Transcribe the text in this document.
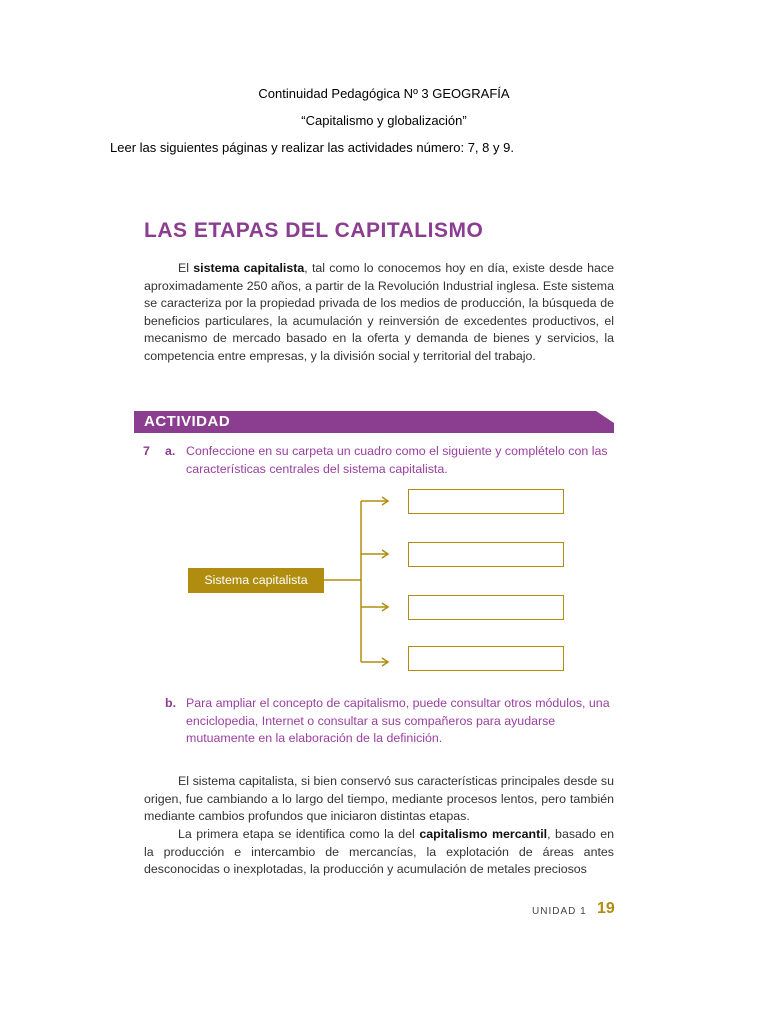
Continuidad Pedagógica Nº 3 GEOGRAFÍA
“Capitalismo y globalización”
Leer las siguientes páginas y realizar las actividades número: 7, 8 y 9.
LAS ETAPAS DEL CAPITALISMO

El sistema capitalista, tal como lo conocemos hoy en día, existe desde hace aproximadamente 250 años, a partir de la Revolución Industrial inglesa. Este sistema se caracteriza por la propiedad privada de los medios de producción, la búsqueda de beneficios particulares, la acumulación y reinversión de excedentes productivos, el mecanismo de mercado basado en la oferta y demanda de bienes y servicios, la competencia entre empresas, y la división social y territorial del trabajo.

ACTIVIDAD
7 a. Confeccione en su carpeta un cuadro como el siguiente y complételo con las características centrales del sistema capitalista.

Sistema capitalista
b. Para ampliar el concepto de capitalismo, puede consultar otros módulos, una enciclopedia, Internet o consultar a sus compañeros para ayudarse mutuamente en la elaboración de la definición.

El sistema capitalista, si bien conservó sus características principales desde su origen, fue cambiando a lo largo del tiempo, mediante procesos lentos, pero también mediante cambios profundos que iniciaron distintas etapas.

La primera etapa se identifica como la del capitalismo mercantil, basado en la producción e intercambio de mercancías, la explotación de áreas antes desconocidas o inexplotadas, la producción y acumulación de metales preciosos

UNIDAD 1 19
